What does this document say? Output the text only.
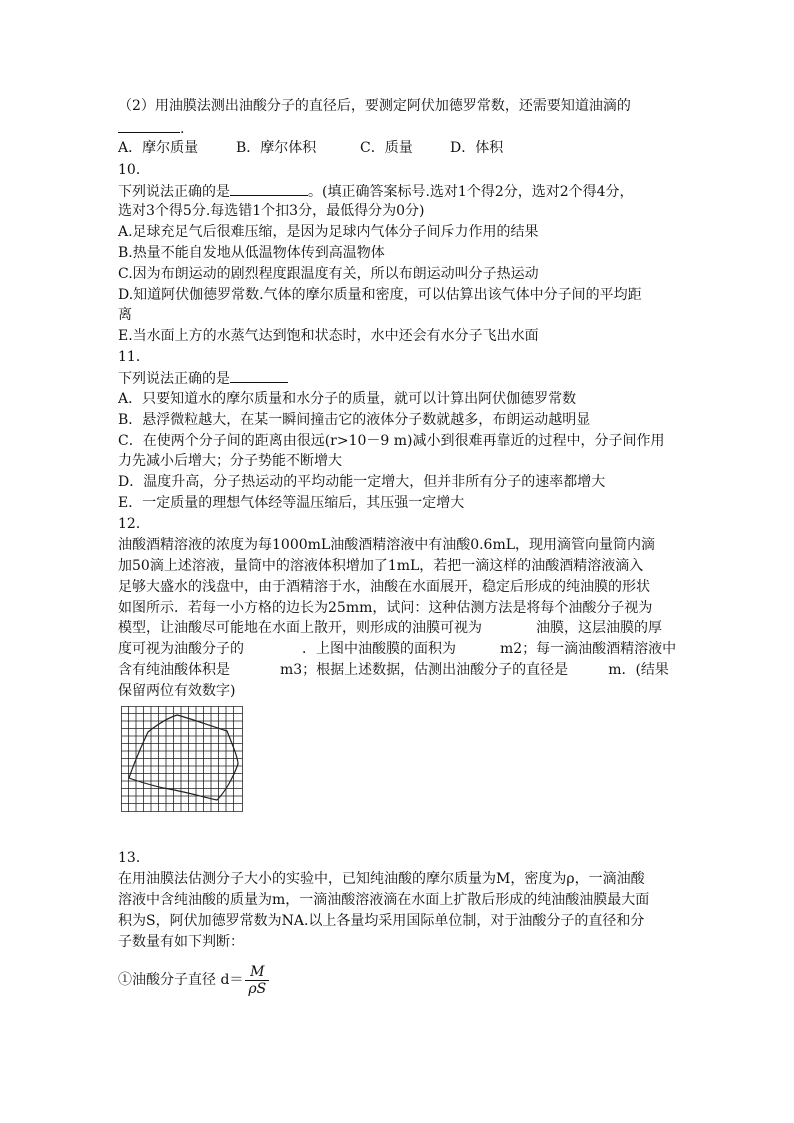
（2）用油膜法测出油酸分子的直径后，要测定阿伏加德罗常数，还需要知道油滴的
.
A．摩尔质量	B．摩尔体积	C．质量	D．体积
10．
下列说法正确的是	。(填正确答案标号.选对1个得2分，选对2个得4分，
选对3个得5分.每选错1个扣3分，最低得分为0分)
A.足球充足气后很难压缩，是因为足球内气体分子间斥力作用的结果
B.热量不能自发地从低温物体传到高温物体
C.因为布朗运动的剧烈程度跟温度有关，所以布朗运动叫分子热运动
D.知道阿伏伽德罗常数.气体的摩尔质量和密度，可以估算出该气体中分子间的平均距
离
E.当水面上方的水蒸气达到饱和状态时，水中还会有水分子飞出水面
11．
下列说法正确的是
A．只要知道水的摩尔质量和水分子的质量，就可以计算出阿伏伽德罗常数
B．悬浮微粒越大，在某一瞬间撞击它的液体分子数就越多，布朗运动越明显
C．在使两个分子间的距离由很远(r>10－9 m)减小到很难再靠近的过程中，分子间作用
力先减小后增大；分子势能不断增大
D．温度升高，分子热运动的平均动能一定增大，但并非所有分子的速率都增大
E．一定质量的理想气体经等温压缩后，其压强一定增大
12．
油酸酒精溶液的浓度为每1000mL油酸酒精溶液中有油酸0.6mL，现用滴管向量筒内滴
加50滴上述溶液，量筒中的溶液体积增加了1mL，若把一滴这样的油酸酒精溶液滴入
足够大盛水的浅盘中，由于酒精溶于水，油酸在水面展开，稳定后形成的纯油膜的形状
如图所示．若每一小方格的边长为25mm，试问：这种估测方法是将每个油酸分子视为
模型，让油酸尽可能地在水面上散开，则形成的油膜可视为	油膜，这层油膜的厚
度可视为油酸分子的	．上图中油酸膜的面积为	m2；每一滴油酸酒精溶液中
含有纯油酸体积是	m3；根据上述数据，估测出油酸分子的直径是	m．(结果
保留两位有效数字)
13．
在用油膜法估测分子大小的实验中，已知纯油酸的摩尔质量为M，密度为ρ，一滴油酸
溶液中含纯油酸的质量为m，一滴油酸溶液滴在水面上扩散后形成的纯油酸油膜最大面
积为S，阿伏加德罗常数为NA.以上各量均采用国际单位制，对于油酸分子的直径和分
子数量有如下判断：
①油酸分子直径 $d= \frac{M}{\rho S}$
